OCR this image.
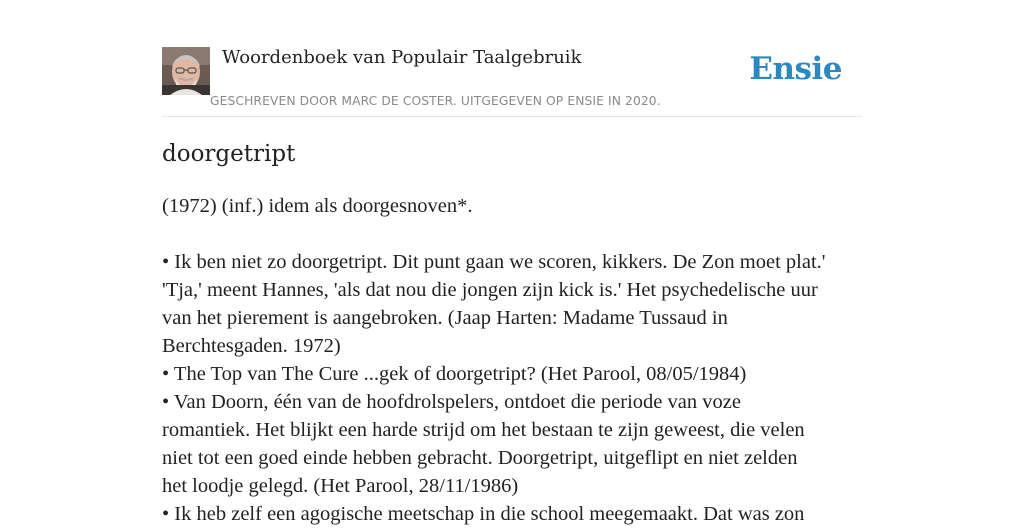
Woordenboek van Populair Taalgebruik
GESCHREVEN DOOR MARC DE COSTER. UITGEGEVEN OP ENSIE IN 2020.
Ensie
doorgetript

(1972) (inf.) idem als doorgesnoven*.

• Ik ben niet zo doorgetript. Dit punt gaan we scoren, kikkers. De Zon moet plat.'

'Tja,' meent Hannes, 'als dat nou die jongen zijn kick is.' Het psychedelische uur

van het pierement is aangebroken. (Jaap Harten: Madame Tussaud in

Berchtesgaden. 1972)

• The Top van The Cure ...gek of doorgetript? (Het Parool, 08/05/1984)

• Van Doorn, één van de hoofdrolspelers, ontdoet die periode van voze

romantiek. Het blijkt een harde strijd om het bestaan te zijn geweest, die velen

niet tot een goed einde hebben gebracht. Doorgetript, uitgeflipt en niet zelden

het loodje gelegd. (Het Parool, 28/11/1986)

• Ik heb zelf een agogische meetschap in die school meegemaakt. Dat was zon
